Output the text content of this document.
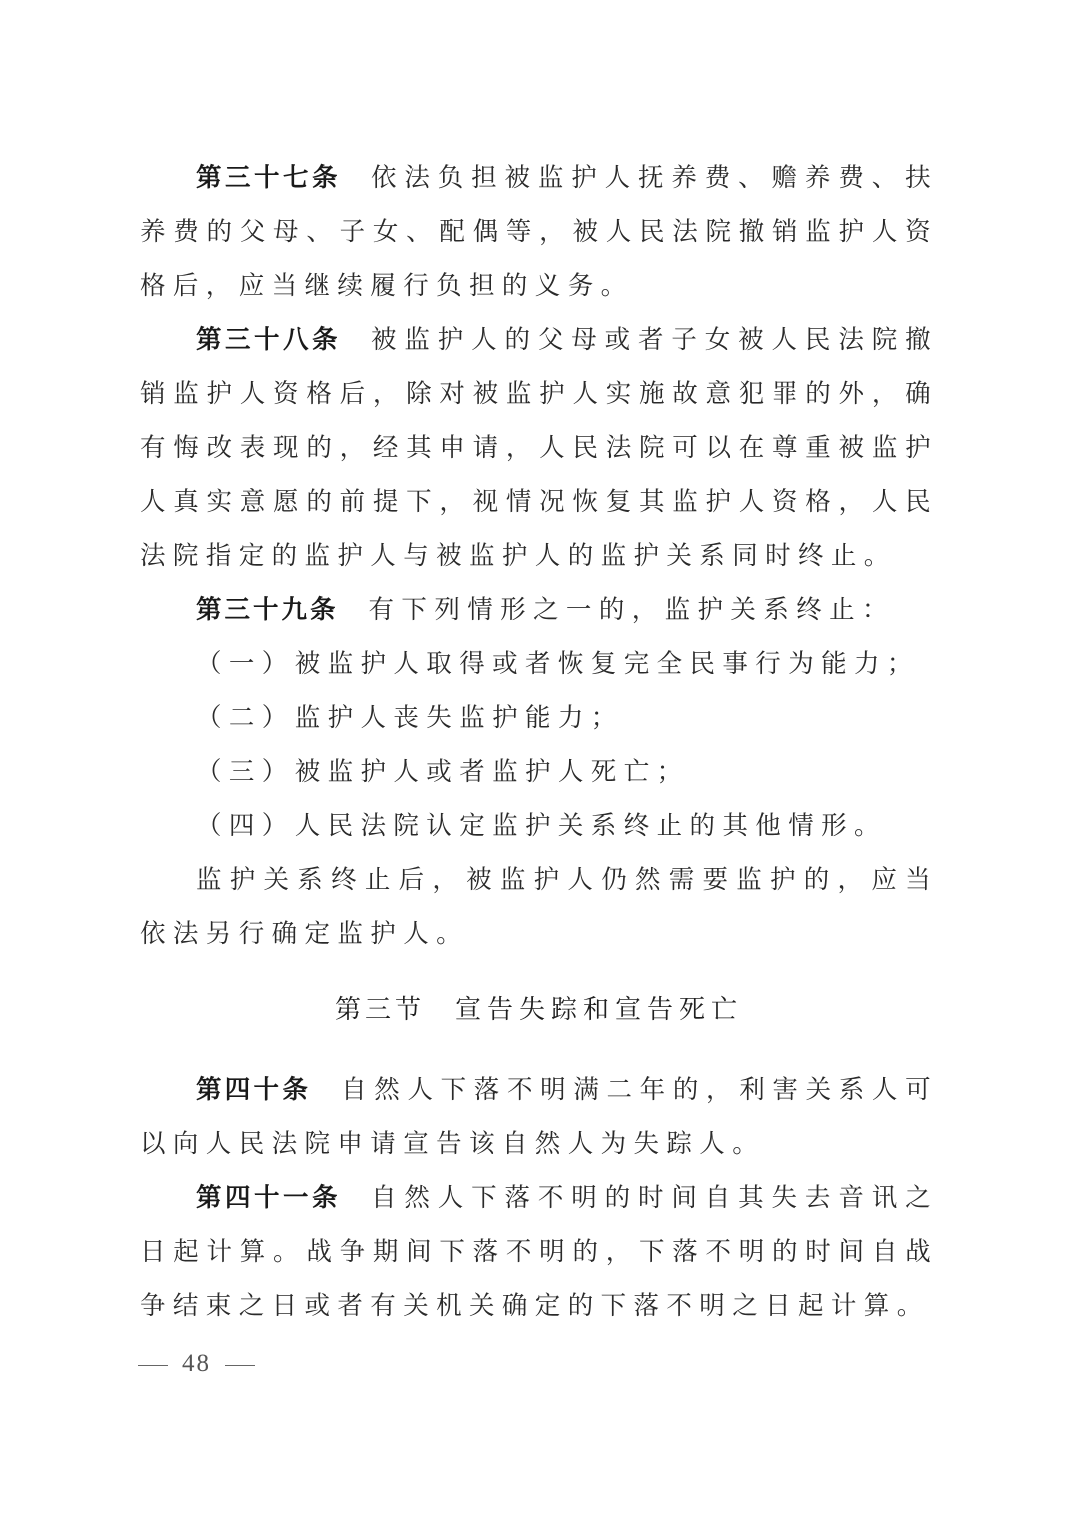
第三十七条 依法负担被监护人抚养费、赡养费、扶养费的父母、子女、配偶等，被人民法院撤销监护人资格后，应当继续履行负担的义务。

第三十八条 被监护人的父母或者子女被人民法院撤销监护人资格后，除对被监护人实施故意犯罪的外，确有悔改表现的，经其申请，人民法院可以在尊重被监护人真实意愿的前提下，视情况恢复其监护人资格，人民法院指定的监护人与被监护人的监护关系同时终止。

第三十九条 有下列情形之一的，监护关系终止：

（一）被监护人取得或者恢复完全民事行为能力；

（二）监护人丧失监护能力；

（三）被监护人或者监护人死亡；

（四）人民法院认定监护关系终止的其他情形。

监护关系终止后，被监护人仍然需要监护的，应当依法另行确定监护人。

第三节 宣告失踪和宣告死亡

第四十条 自然人下落不明满二年的，利害关系人可以向人民法院申请宣告该自然人为失踪人。

第四十一条 自然人下落不明的时间自其失去音讯之日起计算。战争期间下落不明的，下落不明的时间自战争结束之日或者有关机关确定的下落不明之日起计算。

48
